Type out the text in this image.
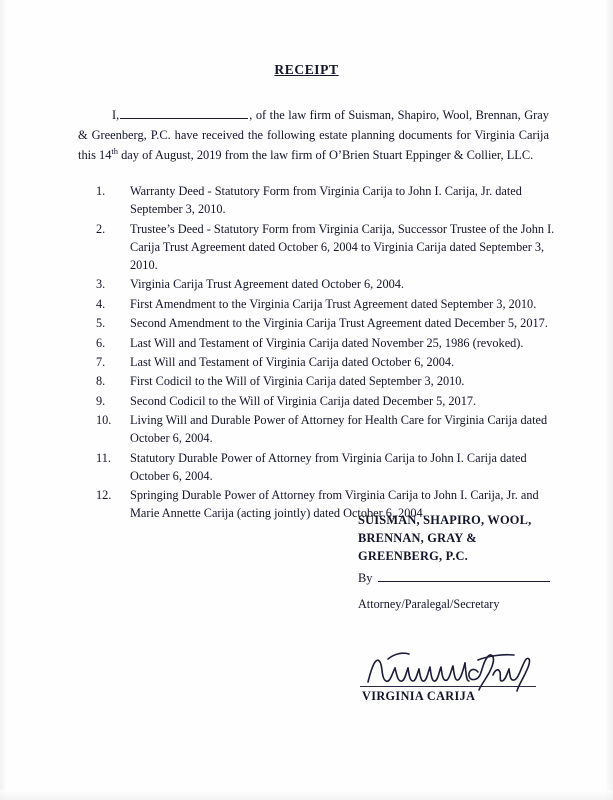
RECEIPT
I,	, of the law firm of Suisman, Shapiro, Wool, Brennan, Gray & Greenberg, P.C. have received the following estate planning documents for Virginia Carija this 14th day of August, 2019 from the law firm of O’Brien Stuart Eppinger & Collier, LLC.
1.	Warranty Deed - Statutory Form from Virginia Carija to John I. Carija, Jr. dated September 3, 2010.
2.	Trustee’s Deed - Statutory Form from Virginia Carija, Successor Trustee of the John I. Carija Trust Agreement dated October 6, 2004 to Virginia Carija dated September 3, 2010.
3.	Virginia Carija Trust Agreement dated October 6, 2004.
4.	First Amendment to the Virginia Carija Trust Agreement dated September 3, 2010.
5.	Second Amendment to the Virginia Carija Trust Agreement dated December 5, 2017.
6.	Last Will and Testament of Virginia Carija dated November 25, 1986 (revoked).
7.	Last Will and Testament of Virginia Carija dated October 6, 2004.
8.	First Codicil to the Will of Virginia Carija dated September 3, 2010.
9.	Second Codicil to the Will of Virginia Carija dated December 5, 2017.
10.	Living Will and Durable Power of Attorney for Health Care for Virginia Carija dated October 6, 2004.
11.	Statutory Durable Power of Attorney from Virginia Carija to John I. Carija dated October 6, 2004.
12.	Springing Durable Power of Attorney from Virginia Carija to John I. Carija, Jr. and Marie Annette Carija (acting jointly) dated October 6, 2004.
SUISMAN, SHAPIRO, WOOL,
BRENNAN, GRAY &
GREENBERG, P.C.
By
Attorney/Paralegal/Secretary
VIRGINIA CARIJA
